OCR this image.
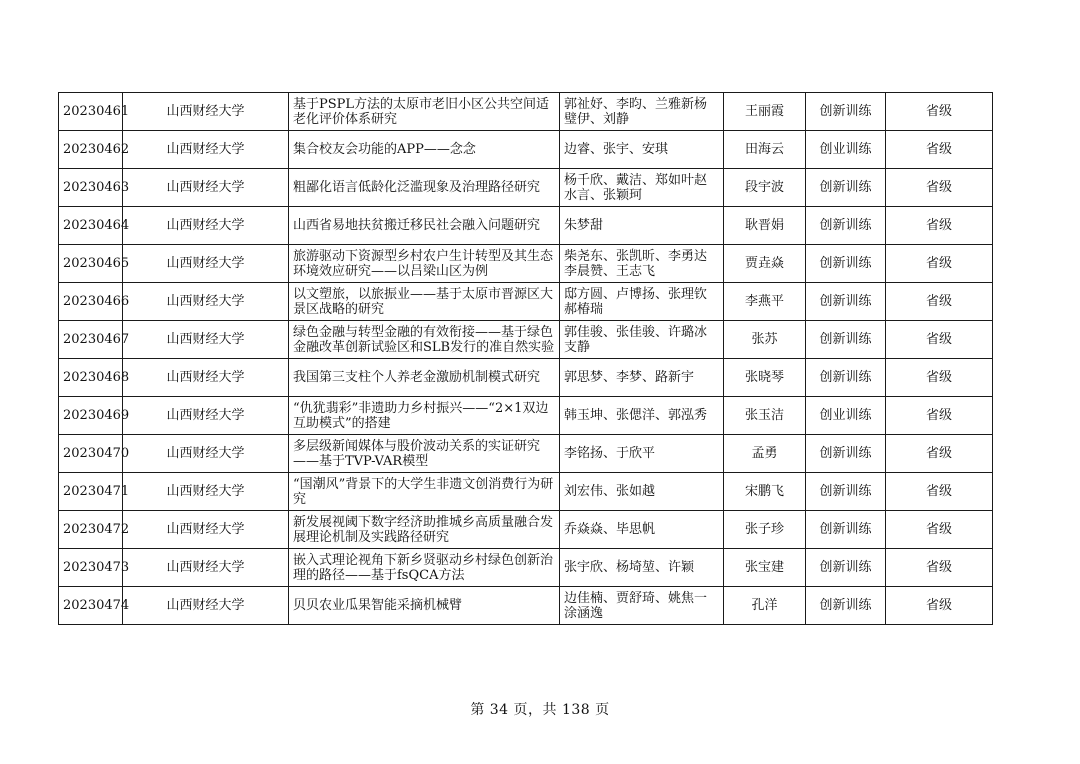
20230461	山西财经大学	基于PSPL方法的太原市老旧小区公共空间适老化评价体系研究	郭祉妤、李昀、兰雅新杨璧伊、刘静	王丽霞	创新训练	省级
20230462	山西财经大学	集合校友会功能的APP——念念	边睿、张宇、安琪	田海云	创业训练	省级
20230463	山西财经大学	粗鄙化语言低龄化泛滥现象及治理路径研究	杨千欣、戴洁、郑如叶赵水言、张颖珂	段宇波	创新训练	省级
20230464	山西财经大学	山西省易地扶贫搬迁移民社会融入问题研究	朱梦甜	耿晋娟	创新训练	省级
20230465	山西财经大学	旅游驱动下资源型乡村农户生计转型及其生态环境效应研究——以吕梁山区为例	柴尧东、张凯昕、李勇达李晨赞、王志飞	贾垚焱	创新训练	省级
20230466	山西财经大学	以文塑旅，以旅振业——基于太原市晋源区大景区战略的研究	邸方圆、卢博扬、张理钦郝椿瑞	李燕平	创新训练	省级
20230467	山西财经大学	绿色金融与转型金融的有效衔接——基于绿色金融改革创新试验区和SLB发行的准自然实验	郭佳骏、张佳骏、许璐冰支静	张苏	创新训练	省级
20230468	山西财经大学	我国第三支柱个人养老金激励机制模式研究	郭思梦、李梦、路新宇	张晓琴	创新训练	省级
20230469	山西财经大学	“仇犹翡彩”非遗助力乡村振兴——“2×1双边互助模式”的搭建	韩玉坤、张偲洋、郭泓秀	张玉洁	创业训练	省级
20230470	山西财经大学	多层级新闻媒体与股价波动关系的实证研究——基于TVP-VAR模型	李铭扬、于欣平	孟勇	创新训练	省级
20230471	山西财经大学	“国潮风”背景下的大学生非遗文创消费行为研究	刘宏伟、张如越	宋鹏飞	创新训练	省级
20230472	山西财经大学	新发展视阈下数字经济助推城乡高质量融合发展理论机制及实践路径研究	乔焱焱、毕思帆	张子珍	创新训练	省级
20230473	山西财经大学	嵌入式理论视角下新乡贤驱动乡村绿色创新治理的路径——基于fsQCA方法	张宇欣、杨埼堃、许颖	张宝建	创新训练	省级
20230474	山西财经大学	贝贝农业瓜果智能采摘机械臂	边佳楠、贾舒琦、姚焦一涂涵逸	孔洋	创新训练	省级
第 34 页，共 138 页
